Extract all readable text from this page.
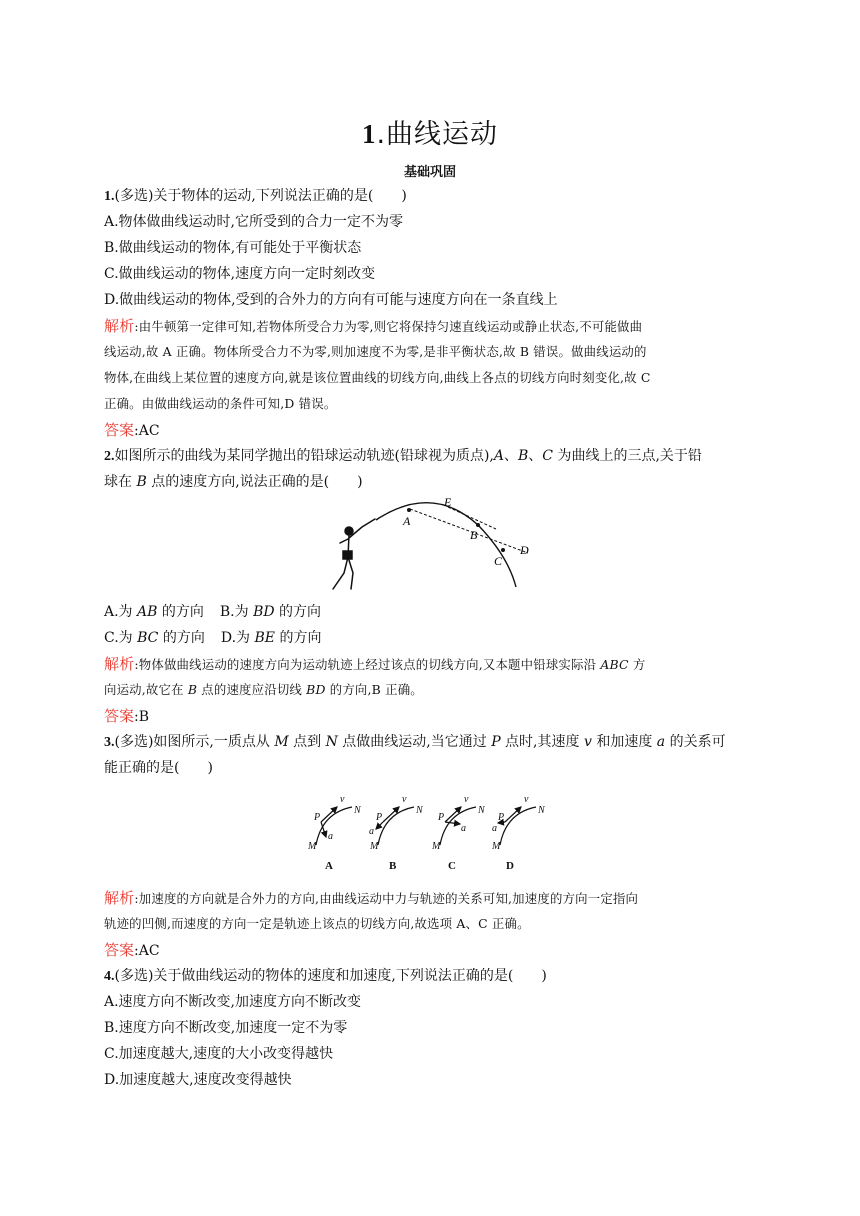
1.曲线运动
基础巩固
1.(多选)关于物体的运动,下列说法正确的是(　　)
A.物体做曲线运动时,它所受到的合力一定不为零
B.做曲线运动的物体,有可能处于平衡状态
C.做曲线运动的物体,速度方向一定时刻改变
D.做曲线运动的物体,受到的合外力的方向有可能与速度方向在一条直线上
解析:由牛顿第一定律可知,若物体所受合力为零,则它将保持匀速直线运动或静止状态,不可能做曲
线运动,故 A 正确。物体所受合力不为零,则加速度不为零,是非平衡状态,故 B 错误。做曲线运动的
物体,在曲线上某位置的速度方向,就是该位置曲线的切线方向,曲线上各点的切线方向时刻变化,故 C
正确。由做曲线运动的条件可知,D 错误。
答案:AC
2.如图所示的曲线为某同学抛出的铅球运动轨迹(铅球视为质点),A、B、C 为曲线上的三点,关于铅
球在 B 点的速度方向,说法正确的是(　　)
A
B
C
D
E
A.为 AB 的方向 B.为 BD 的方向
C.为 BC 的方向 D.为 BE 的方向
解析:物体做曲线运动的速度方向为运动轨迹上经过该点的切线方向,又本题中铅球实际沿 ABC 方
向运动,故它在 B 点的速度应沿切线 BD 的方向,B 正确。
答案:B
3.(多选)如图所示,一质点从 M 点到 N 点做曲线运动,当它通过 P 点时,其速度 v 和加速度 a 的关系可
能正确的是(　　)
P
v
N
M
a
P
v
N
M
a
P
v
N
M
a
P
v
N
M
a
A	B	C	D
解析:加速度的方向就是合外力的方向,由曲线运动中力与轨迹的关系可知,加速度的方向一定指向
轨迹的凹侧,而速度的方向一定是轨迹上该点的切线方向,故选项 A、C 正确。
答案:AC
4.(多选)关于做曲线运动的物体的速度和加速度,下列说法正确的是(　　)
A.速度方向不断改变,加速度方向不断改变
B.速度方向不断改变,加速度一定不为零
C.加速度越大,速度的大小改变得越快
D.加速度越大,速度改变得越快
